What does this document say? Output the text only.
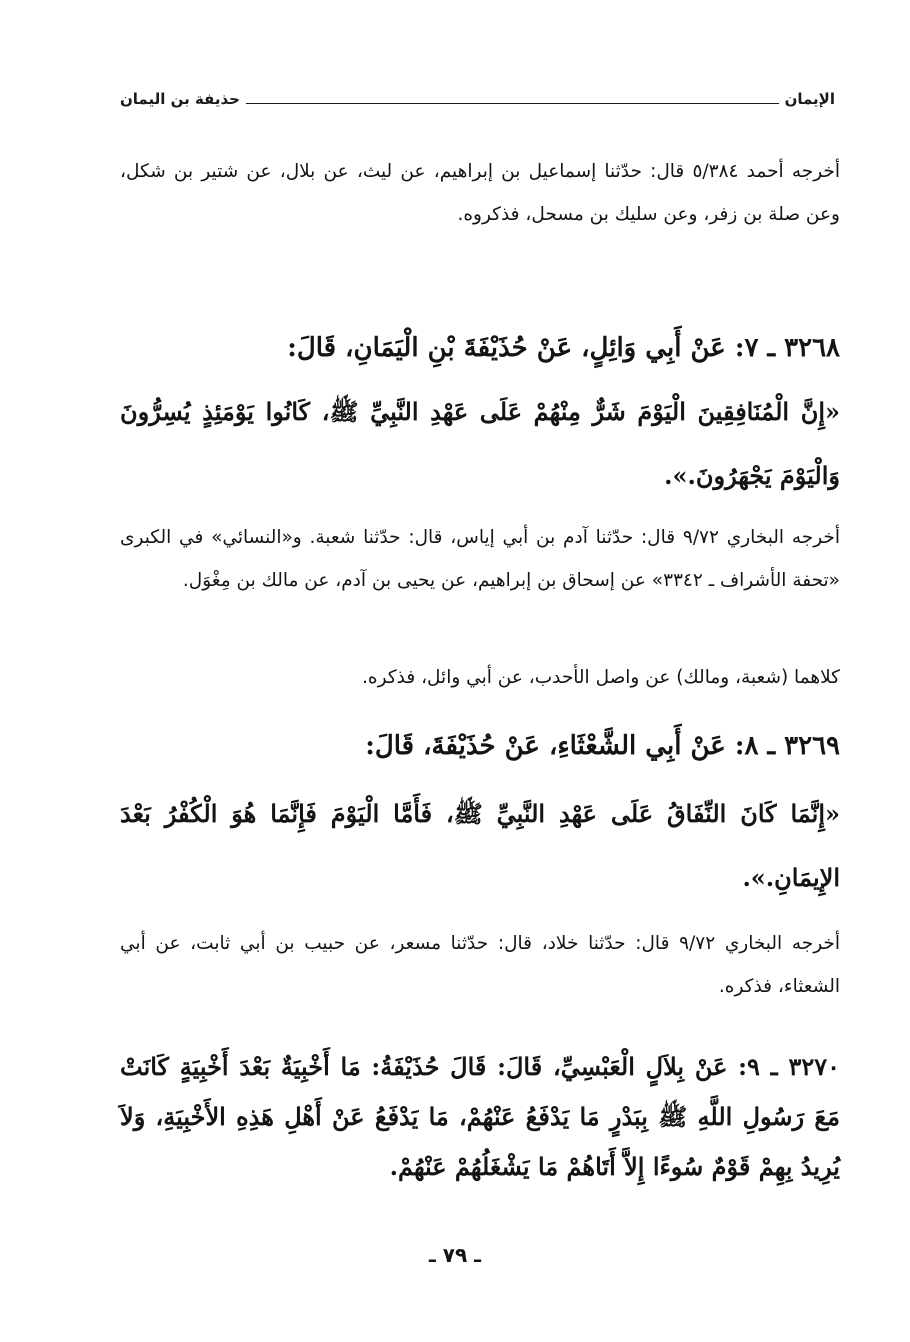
الإيمان
حذيفة بن اليمان
أخرجه أحمد ٥/٣٨٤ قال: حدّثنا إسماعيل بن إبراهيم، عن ليث، عن بلال، عن شتير بن شكل، وعن صلة بن زفر، وعن سليك بن مسحل، فذكروه.
٣٢٦٨ ـ ٧: عَنْ أَبِي وَائِلٍ، عَنْ حُذَيْفَةَ بْنِ الْيَمَانِ، قَالَ:
«إِنَّ الْمُنَافِقِينَ الْيَوْمَ شَرٌّ مِنْهُمْ عَلَى عَهْدِ النَّبِيِّ ﷺ، كَانُوا يَوْمَئِذٍ يُسِرُّونَ وَالْيَوْمَ يَجْهَرُونَ.».
أخرجه البخاري ٩/٧٢ قال: حدّثنا آدم بن أبي إياس، قال: حدّثنا شعبة. و«النسائي» في الكبرى «تحفة الأشراف ـ ٣٣٤٢» عن إسحاق بن إبراهيم، عن يحيى بن آدم، عن مالك بن مِغْوَل.
كلاهما (شعبة، ومالك) عن واصل الأحدب، عن أبي وائل، فذكره.
٣٢٦٩ ـ ٨: عَنْ أَبِي الشَّعْثَاءِ، عَنْ حُذَيْفَةَ، قَالَ:
«إِنَّمَا كَانَ النِّفَاقُ عَلَى عَهْدِ النَّبِيِّ ﷺ، فَأَمَّا الْيَوْمَ فَإِنَّمَا هُوَ الْكُفْرُ بَعْدَ الإِيمَانِ.».
أخرجه البخاري ٩/٧٢ قال: حدّثنا خلاد، قال: حدّثنا مسعر، عن حبيب بن أبي ثابت، عن أبي الشعثاء، فذكره.
٣٢٧٠ ـ ٩: عَنْ بِلاَلٍ الْعَبْسِيِّ، قَالَ: قَالَ حُذَيْفَةُ: مَا أَخْبِيَةٌ بَعْدَ أَخْبِيَةٍ كَانَتْ مَعَ رَسُولِ اللَّهِ ﷺ بِبَدْرٍ مَا يَدْفَعُ عَنْهُمْ، مَا يَدْفَعُ عَنْ أَهْلِ هَذِهِ الأَخْبِيَةِ، وَلاَ يُرِيدُ بِهِمْ قَوْمٌ سُوءًا إِلاَّ أَتَاهُمْ مَا يَشْغَلُهُمْ عَنْهُمْ.
ـ ٧٩ ـ
